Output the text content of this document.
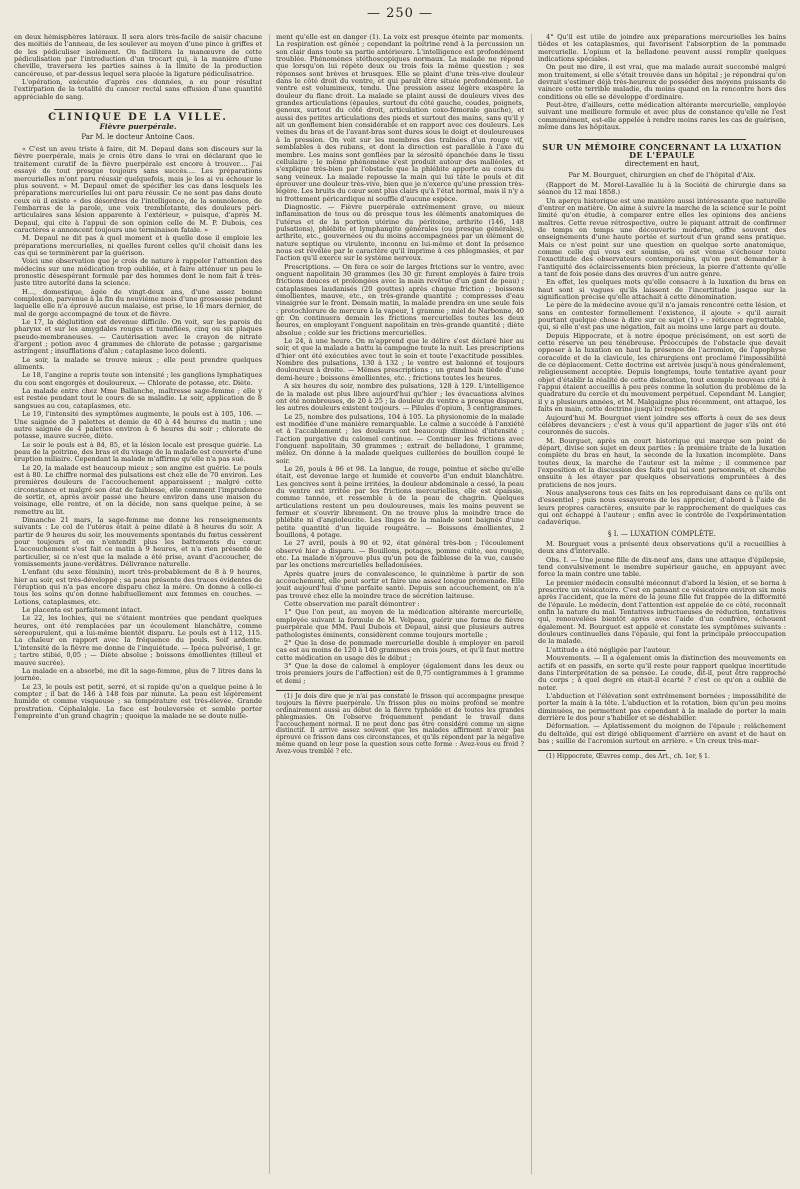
— 250 —

en deux hémisphères latéraux. Il sera alors très-facile de saisir chacune des moitiés de l'anneau, de les soulever au moyen d'une pince à griffes et de les pédiculiser isolément. On facilitera la manœuvre de cette pédiculisation par l'introduction d'un trocart qui, à la manière d'une cheville, traversera les parties saines à la limite de la production cancéreuse, et par-dessus lequel sera placée la ligature pédiculisatrice.

L'opération, exécutée d'après ces données, a eu pour résultat l'extirpation de la totalité du cancer rectal sans effusion d'une quantité appréciable de sang.

CLINIQUE DE LA VILLE.
Fièvre puerpérale.
Par M. le docteur Antoine Caos.

« C'est un aveu triste à faire, dit M. Depaul dans son discours sur la fièvre puerpérale, mais je crois être dans le vrai en déclarant que le traitement curatif de la fièvre puerpérale est encore à trouver.... J'ai essayé de tout presque toujours sans succès.... Les préparations mercurielles m'ont paru réussir quelquefois, mais je les ai vu échouer le plus souvent. » M. Depaul omet de spécifier les cas dans lesquels les préparations mercurielles lui ont paru réussir. Ce ne sont pas dans doute ceux où il existe « des désordres de l'intelligence, de la somnolence, de l'embarras de la parole, une voix tremblotante, des douleurs péri-articulaires sans lésion apparente à l'extérieur, » puisque, d'après M. Depaul, qui cite à l'appui de son opinion celle de M. P. Dubois, ces caractères e annoncent toujours une terminaison fatale. »

M. Depaul ne dit pas à quel moment et à quelle dose il emploie les préparations mercurielles, ni quelles furent celles qu'il choisit dans les cas qui se terminèrent par la guérison.

Voici une observation que je crois de nature à rappeler l'attention des médecins sur une médication trop oubliée, et à faire atténuer un peu le pronostic désespérant formulé par des hommes dont le nom fait à très-juste titre autorité dans la science.

H..., domestique, âgée de vingt-deux ans, d'une assez bonne complexion, parvenue à la fin du neuvième mois d'une grossesse pendant laquelle elle n'a éprouvé aucun malaise, est prise, le 16 mars dernier, de mal de gorge accompagné de toux et de fièvre.

Le 17, la déglutition est devenue difficile. On voit, sur les parois du pharynx et sur les amygdales rouges et tuméfiées, cinq ou six plaques pseudo-membraneuses. — Cautérisation avec le crayon de nitrate d'argent ; potion avec 4 grammes de chlorate de potasse ; gargarisme astringent ; insufflations d'alun ; cataplasme loco dolenti.

Le soir, la malade se trouve mieux ; elle peut prendre quelques aliments.

Le 18, l'angine a repris toute son intensité ; les ganglions lymphatiques du cou sont engorgés et douloureux. — Chlorate de potasse, etc. Diète.

La malade entre chez Mme Ballanche, maîtresse sage-femme ; elle y est restée pendant tout le cours de sa maladie. Le soir, application de 8 sangsues au cou, cataplasmes, etc.

Le 19, l'intensité des symptômes augmente, le pouls est à 105, 106. — Une saignée de 3 palettes et demie de 40 à 44 heures du matin ; une autre saignée de 4 palettes environ à 6 heures du soir ; chlorate de potasse, mauve sucrée, diète.

Le soir le pouls est à 84, 85, et la lésion locale est presque guérie. La peau de la poitrine, des bras et du visage de la malade est couverte d'une éruption miliaire. Cependant la malade m'affirme qu'elle n'a pas sué.

Le 20, la malade est beaucoup mieux ; son angine est guérie. Le pouls est à 80. Le chiffre normal des pulsations est chez elle de 70 environ. Les premières douleurs de l'accouchement apparaissent ; malgré cette circonstance et malgré son état de faiblesse, elle comment l'imprudence de sortir, et, après avoir passé une heure environ dans une maison du voisinage, elle rentre, et on la décide, non sans quelque peine, à se remettre au lit.

Dimanche 21 mars, la sage-femme me donne les renseignements suivants : Le col de l'utérus était à peine dilaté à 8 heures du soir. A partir de 9 heures du soir, les mouvements spontanés du fœtus cessèrent pour toujours et on n'entendit plus les battements du cœur. L'accouchement s'est fait ce matin à 9 heures, et n'a rien présenté de particulier, si ce n'est que la malade a été prise, avant d'accoucher, de vomissements jaune-verdâtres. Délivrance naturelle.

L'enfant (du sexe féminin), mort très-probablement de 8 à 9 heures, hier au soir, est très-développé ; sa peau présente des traces évidentes de l'éruption qui n'a pas encore disparu chez la mère. On donne à celle-ci tous les soins qu'on donne habituellement aux femmes en couches. — Lotions, cataplasmes, etc.

Le placenta est parfaitement intact.

Le 22, les lochies, qui ne s'étaient montrées que pendant quelques heures, ont été remplacées par un écoulement blanchâtre, comme séreopurulent, qui a lui-même bientôt disparu. Le pouls est à 112, 115. La chaleur en rapport avec la fréquence du pouls. Soif ardente. L'intensité de la fièvre me donne de l'inquiétude. — Ipéca pulvérisé, 1 gr. ; tartre stibié, 0,05 ; — Diète absolue ; boissons émollientes (tilleul et mauve sucrée).

La malade en a absorbé, me dit la sage-femme, plus de 7 litres dans la journée.

Le 23, le pouls est petit, serré, et si rapide qu'on a quelque peine à le compter ; il bat de 146 à 148 fois par minute. La peau est légèrement humide et comme visqueuse ; sa température est très-élevée. Grande prostration. Céphalalgie. La face est bouleversée et semble porter l'empreinte d'un grand chagrin ; quoique la malade ne se doute nulle-

ment qu'elle est en danger (1). La voix est presque éteinte par moments. La respiration est gênée ; cependant la poitrine rend à la percussion un son clair dans toute sa partie antérieure. L'intelligence est profondément troublée. Phénomènes stéthoscopiques normaux. La malade ne répond que lorsqu'on lui répète deux ou trois fois la même question ; ses réponses sont brèves et brusques. Elle se plaint d'une très-vive douleur dans le côté droit du ventre, et qui paraît être située profondément. Le ventre est volumineux, tendu. Une pression assez légère exaspère la douleur du flanc droit. La malade se plaint aussi de douleurs vives des grandes articulations (épaules, surtout du côté gauche, coudes, poignets, genoux, surtout du côté droit, articulation coxo-fémorale gauche), et aussi des petites articulations des pieds et surtout des mains, sans qu'il y ait un gonflement bien considérable et en rapport avec ces douleurs. Les veines du bras et de l'avant-bras sont dures sous le doigt et douloureuses à la pression. On voit sur les membres des traînées d'un rouge vif, semblables à des rubans, et dont la direction est parallèle à l'axe du membre. Les mains sont gonflées par la sérosité épanchée dans le tissu cellulaire ; le même phénomène s'est produit autour des malléoles, et s'explique très-bien par l'obstacle que la phlébite apporte au cours du sang veineux. La malade repousse la main qui lui tâte le pouls et dit éprouver une douleur très-vive, bien que je n'exerce qu'une pression très-légère. Les bruits du cœur sont plus clairs qu'à l'état normal, mais il n'y a ni frottement péricardique ni souffle d'aucune espèce.

Diagnostic. — Fièvre puerpérale extrêmement grave, ou mieux inflammation de tous ou de presque tous les éléments anatomiques de l'utérus et de la portion utérine du péritoine, arthrite (146, 148 pulsations), phlébite et lymphangite générales (ou presque générales), arthrite, etc., gouvernées ou du moins accompagnées par un élément de nature septique ou virulente, inconnu en lui-même et dont la présence nous est révélée par le caractère qu'il imprime à ces phlegmasies, et par l'action qu'il exerce sur le système nerveux.

Prescriptions. — On fera ce soir de larges frictions sur le ventre, avec onguent napolitain 30 grammes (les 30 gr. furent employés à faire trois frictions douces et prolongées avec la main revêtue d'un gant de peau) ; cataplasmes laudanisés (20 gouttes) après chaque friction ; boissons émollientes, mauve, etc., en très-grande quantité ; compresses d'eau vinaigrée sur le front. Demain matin, la malade prendra en une seule fois : protochlorure de mercure à la vapeur, 1 gramme ; miel de Narbonne, 40 gr. On continuera demain les frictions mercurielles toutes les deux heures, en employant l'onguent napolitain en très-grande quantité ; diète absolue ; coïde sur les frictions mercurielles.

Le 24, à une heure. On m'apprend que le délire s'est déclaré hier au soir, et que la malade a battu la campagne toute la nuit. Les prescriptions d'hier ont été exécutées avec tout le soin et toute l'exactitude possibles. Nombre des pulsations, 130 à 132 ; le ventre est balonné et toujours douloureux à droite. — Mêmes prescriptions ; un grand bain tiède d'une demi-heure ; boissons émollientes, etc. ; frictions toutes les heures.

A six heures du soir, nombre des pulsations, 128 à 129. L'intelligence de la malade est plus libre aujourd'hui qu'hier ; les évacuations alvines ont été nombreuses, de 20 à 25 ; la douleur du ventre a presque disparu, les autres douleurs existent toujours. — Pilules d'opium, 3 centigrammes.

Le 25, nombre des pulsations, 104 à 105. La physionomie de la malade est modifiée d'une manière remarquable. Le calme a succédé à l'anxiété et à l'accablement ; les douleurs ont beaucoup diminué d'intensité ; l'action purgative du calomel continue. — Continuer les frictions avec l'onguent napolitain, 30 grammes ; extrait de belladone, 1 gramme, mêlez. On donne à la malade quelques cuillerées de bouillon coupé le soir.

Le 26, pouls à 96 et 98. La langue, de rouge, pointue et sèche qu'elle était, est devenue large et humide et couverte d'un enduit blanchâtre. Les gencives sont à peine irritées, la douleur abdominale a cessé, la peau du ventre est irritée par les frictions mercurielles, elle est épaissie, comme tannée, et ressemble à de la peau de chagrin. Quelques articulations restent un peu douloureuses, mais les mains peuvent se fermer et s'ouvrir librement. On ne trouve plus la moindre trace de phlébite ni d'angioleucite. Les linges de la malade sont baignés d'une petite quantité d'un liquide rougeâtre. — Boissons émollientes, 2 bouillons, 4 potage.

Le 27 avril, pouls à 90 et 92, état général très-bon ; l'écoulement observé hier a disparu. — Bouillons, potages, pomme cuite, eau rougie, etc. La malade n'éprouve plus qu'un peu de faiblesse de la vue, causée par les onctions mercurielles belladonisées.

Après quatre jours de convalescence, le quinzième à partir de son accouchement, elle peut sortir et faire une assez longue promenade. Elle jouit aujourd'hui d'une parfaite santé. Depuis son accouchement, on n'a pas trouvé chez elle la moindre trace de sécrétion laiteuse.

Cette observation me paraît démontrer :

1° Que l'on peut, au moyen de la médication altérante mercurielle, employée suivant la formule de M. Velpeau, guérir une forme de fièvre puerpérale que MM. Paul Dubois et Depaul, ainsi que plusieurs autres pathologistes éminents, considèrent comme toujours mortelle ;

2° Que la dose de pommade mercurielle double à employer en pareil cas est au moins de 120 à 140 grammes en trois jours, et qu'il faut mettre cette médication en usage dès le début ;

3° Que la dose de calomel à employer (également dans les deux ou trois premiers jours de l'affection) est de 0,75 centigrammes à 1 gramme et demi ;

(1) Je dois dire que je n'ai pas constaté le frisson qui accompagne presque toujours la fièvre puerpérale. Un frisson plus ou moins profond se montre ordinairement aussi au début de la fièvre typhoïde et de toutes les grandes phlegmasies. On l'observe fréquemment pendant le travail dans l'accouchement normal. Il ne peut donc pas être considéré comme un signe distinctif. Il arrive assez souvent que les malades affirment n'avoir pas éprouvé ce frisson dans ces circonstances, et qu'ils répondent par la négative même quand on leur pose la question sous cette forme : Avez-vous eu froid ? Avez-vous tremblé ? etc.

4° Qu'il est utile de joindre aux préparations mercurielles les bains tièdes et les cataplasmes, qui favorisent l'absorption de la pommade mercurielle. L'opium et la belladone peuvent aussi remplir quelques indications spéciales.

On peut me dire, il est vrai, que ma malade aurait succombé malgré mon traitement, si elle s'était trouvée dans un hôpital ; je répondrai qu'on devrait s'estimer déjà très-heureux de posséder des moyens puissants de vaincre cette terrible maladie, du moins quand on la rencontre hors des conditions où elle se développe d'ordinaire.

Peut-être, d'ailleurs, cette médication altérante mercurielle, employée suivant une meilleure formule et avec plus de constance qu'elle ne l'est communément, est-elle appelée à rendre moins rares les cas de guérison, même dans les hôpitaux.

SUR UN MÉMOIRE CONCERNANT LA LUXATION DE L'ÉPAULE
directement en haut,
Par M. Bourguet, chirurgien en chef de l'hôpital d'Aix.

(Rapport de M. Morel-Lavallée lu à la Société de chirurgie dans sa séance du 12 mai 1858.)

Un aperçu historique est une manière aussi intéressante que naturelle d'entrer en matière. On aime à suivre la marche de la science sur le point limité qu'on étudie, à comparer entre elles les opinions des anciens maîtres. Cette revue rétrospective, outre le piquant attrait de confirmer de temps en temps une découverte moderne, offre souvent des enseignements d'une haute portée et surtout d'un grand sens pratique. Mais ce n'est point sur une question en quelque sorte anatomique, comme celle qui vous est soumise, où est venue s'échouer toute l'exactitude des observateurs contemporains, qu'on peut demander à l'antiquité des éclaircissements bien précieux, la pierre d'attente qu'elle a tant de fois posée dans des œuvres d'un autre genre.

En effet, les quelques mots qu'elle consacre à la luxation du bras en haut sont si vagues qu'ils laissent de l'incertitude jusque sur la signification précise qu'elle attachait à cette dénomination.

Le père de la médecine avoue qu'il n'a jamais rencontré cette lésion, et sans en contester formellement l'existence, il ajoute « qu'il aurait pourtant quelque chose à dire sur ce sujet (1) » : réticence regrettable, qui, si elle n'est pas une négation, fait au moins une large part au doute.

Depuis Hippocrate, et à notre époque précisément, on est sorti de cette réserve un peu ténébreuse. Préoccupés de l'obstacle que devait opposer à la luxation en haut la présence de l'acromion, de l'apophyse coracoïde et de la clavicule, les chirurgiens ont proclamé l'impossibilité de ce déplacement. Cette doctrine est arrivée jusqu'à nous généralement, religieusement acceptée. Depuis longtemps, toute tentative ayant pour objet d'établir la réalité de cette dislocation, tout exemple nouveau cité à l'appui étaient accueillis à peu près comme la solution du problème de la quadrature du cercle et du mouvement perpétuel. Cependant M. Langier, il y a plusieurs années, et M. Malgaigne plus récemment, ont attaqué, les faits en main, cette doctrine jusqu'ici respectée.

Aujourd'hui M. Bourguet vient joindre ses efforts à ceux de ses deux célèbres devanciers ; c'est à vous qu'il appartient de juger s'ils ont été couronnés de succès.

M. Bourguet, après un court historique qui marque son point de départ, divise son sujet en deux parties : la première traite de la luxation complète du bras en haut, la seconde de la luxation incomplète. Dans toutes deux, la marche de l'auteur est la même ; il commence par l'exposition et la discussion des faits qui lui sont personnels, et cherche ensuite à les étayer par quelques observations empruntées à des praticiens de nos jours.

Nous analyserons tous ces faits en les reproduisant dans ce qu'ils ont d'essentiel ; puis nous essayerons de les apprécier, d'abord à l'aide de leurs propres caractères, ensuite par le rapprochement de quelques cas qui ont échappé à l'auteur ; enfin avec le contrôle de l'expérimentation cadavérique.

§ I. — LUXATION COMPLÈTE.

M. Bourguet vous a présenté deux observations qu'il a recueillies à deux ans d'intervalle.

Obs. I. — Une jeune fille de dix-neuf ans, dans une attaque d'épilepsie, tend convulsivement le membre supérieur gauche, en appuyant avec force la main contre une table.

Le premier médecin consulté méconnut d'abord la lésion, et se borna à prescrire un vésicatoire. C'est en pansant ce vésicatoire environ six mois après l'accident, que la mère de la jeune fille fut frappée de la difformité de l'épaule. Le médecin, dont l'attention est appelée de ce côté, reconnaît enfin la nature du mal. Tentatives infructueuses de réduction, tentatives qui, renouvelées bientôt après avec l'aide d'un confrère, échouent également. M. Bourguet est appelé et constate les symptômes suivants : douleurs continuelles dans l'épaule, qui font la principale préoccupation de la malade.

L'attitude a été négligée par l'auteur.

Mouvements. — Il a également omis la distinction des mouvements en actifs et en passifs, en sorte qu'il reste pour rapport quelque incertitude dans l'interprétation de sa pensée. Le coude, dit-il, peut être rapproché du corps ; à quel degré en était-il écarté ? c'est ce qu'on a oublié de noter.

L'abduction et l'élévation sont extrêmement bornées ; impossibilité de porter la main à la tête. L'abduction et la rotation, bien qu'un peu moins diminuées, ne permettent pas cependant à la malade de porter la main derrière le dos pour s'habiller et se déshabiller.

Déformation. — Aplatissement du moignon de l'épaule ; relâchement du deltoïde, qui est dirigé obliquement d'arrière en avant et de haut en bas ; saillie de l'acromion surtout en arrière. « Un creux très-mar-

(1) Hippocrate, Œuvres comp., des Art., ch. 1er, § 1.
